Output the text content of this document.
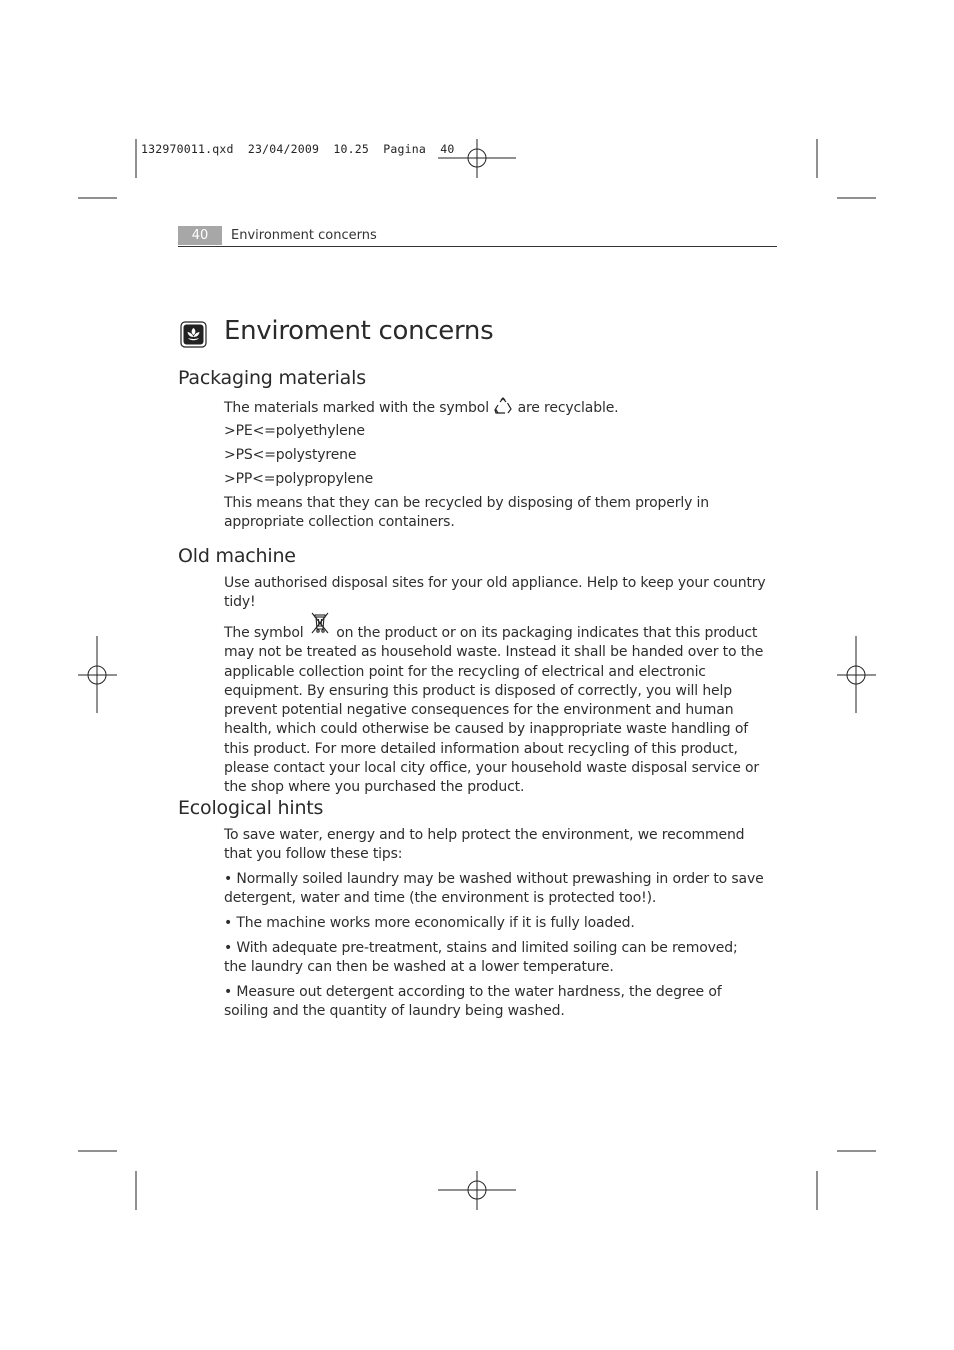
132970011.qxd  23/04/2009  10.25  Pagina  40
40	Environment concerns
Enviroment concerns
Packaging materials

The materials marked with the symbol are recyclable.

>PE<=polyethylene

>PS<=polystyrene

>PP<=polypropylene

This means that they can be recycled by disposing of them properly in appropriate collection containers.

Old machine

Use authorised disposal sites for your old appliance. Help to keep your country tidy!

The symbol on the product or on its packaging indicates that this product may not be treated as household waste. Instead it shall be handed over to the applicable collection point for the recycling of electrical and electronic equipment. By ensuring this product is disposed of correctly, you will help prevent potential negative consequences for the environment and human health, which could otherwise be caused by inappropriate waste handling of this product. For more detailed information about recycling of this product, please contact your local city office, your household waste disposal service or the shop where you purchased the product.

Ecological hints

To save water, energy and to help protect the environment, we recommend that you follow these tips:

• Normally soiled laundry may be washed without prewashing in order to save detergent, water and time (the environment is protected too!).

• The machine works more economically if it is fully loaded.

• With adequate pre-treatment, stains and limited soiling can be removed; the laundry can then be washed at a lower temperature.

• Measure out detergent according to the water hardness, the degree of soiling and the quantity of laundry being washed.
